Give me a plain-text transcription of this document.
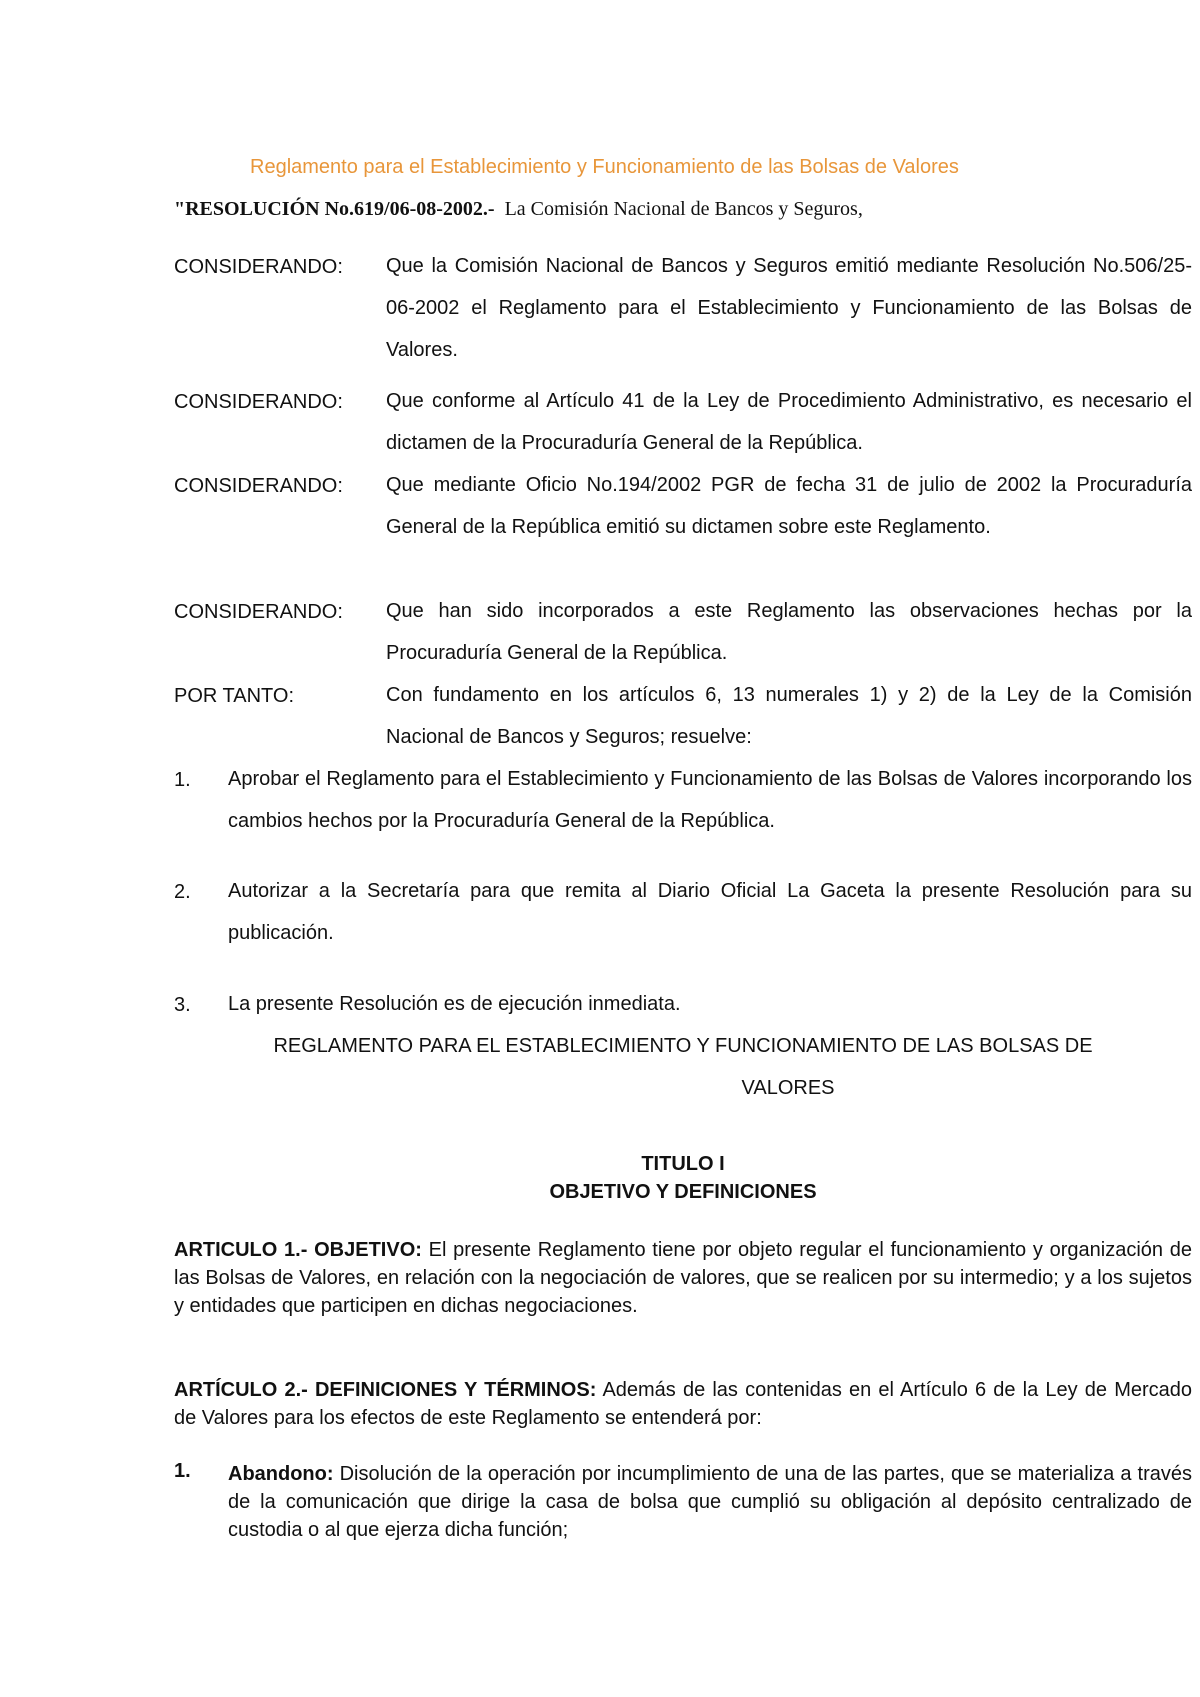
Reglamento para el Establecimiento y Funcionamiento de las Bolsas de Valores
"RESOLUCIÓN No.619/06-08-2002.- La Comisión Nacional de Bancos y Seguros,
CONSIDERANDO: Que la Comisión Nacional de Bancos y Seguros emitió mediante Resolución No.506/25-06-2002 el Reglamento para el Establecimiento y Funcionamiento de las Bolsas de Valores.
CONSIDERANDO: Que conforme al Artículo 41 de la Ley de Procedimiento Administrativo, es necesario el dictamen de la Procuraduría General de la República.
CONSIDERANDO: Que mediante Oficio No.194/2002 PGR de fecha 31 de julio de 2002 la Procuraduría General de la República emitió su dictamen sobre este Reglamento.
CONSIDERANDO: Que han sido incorporados a este Reglamento las observaciones hechas por la Procuraduría General de la República.
POR TANTO:	Con fundamento en los artículos 6, 13 numerales 1) y 2) de la Ley de la Comisión Nacional de Bancos y Seguros; resuelve:
1. Aprobar el Reglamento para el Establecimiento y Funcionamiento de las Bolsas de Valores incorporando los cambios hechos por la Procuraduría General de la República.
2. Autorizar a la Secretaría para que remita al Diario Oficial La Gaceta la presente Resolución para su publicación.
3. La presente Resolución es de ejecución inmediata.
REGLAMENTO PARA EL ESTABLECIMIENTO Y FUNCIONAMIENTO DE LAS BOLSAS DE
VALORES
TITULO I
OBJETIVO Y DEFINICIONES
ARTICULO 1.- OBJETIVO: El presente Reglamento tiene por objeto regular el funcionamiento y organización de las Bolsas de Valores, en relación con la negociación de valores, que se realicen por su intermedio; y a los sujetos y entidades que participen en dichas negociaciones.
ARTÍCULO 2.- DEFINICIONES Y TÉRMINOS: Además de las contenidas en el Artículo 6 de la Ley de Mercado de Valores para los efectos de este Reglamento se entenderá por:
1. Abandono: Disolución de la operación por incumplimiento de una de las partes, que se materializa a través de la comunicación que dirige la casa de bolsa que cumplió su obligación al depósito centralizado de custodia o al que ejerza dicha función;
